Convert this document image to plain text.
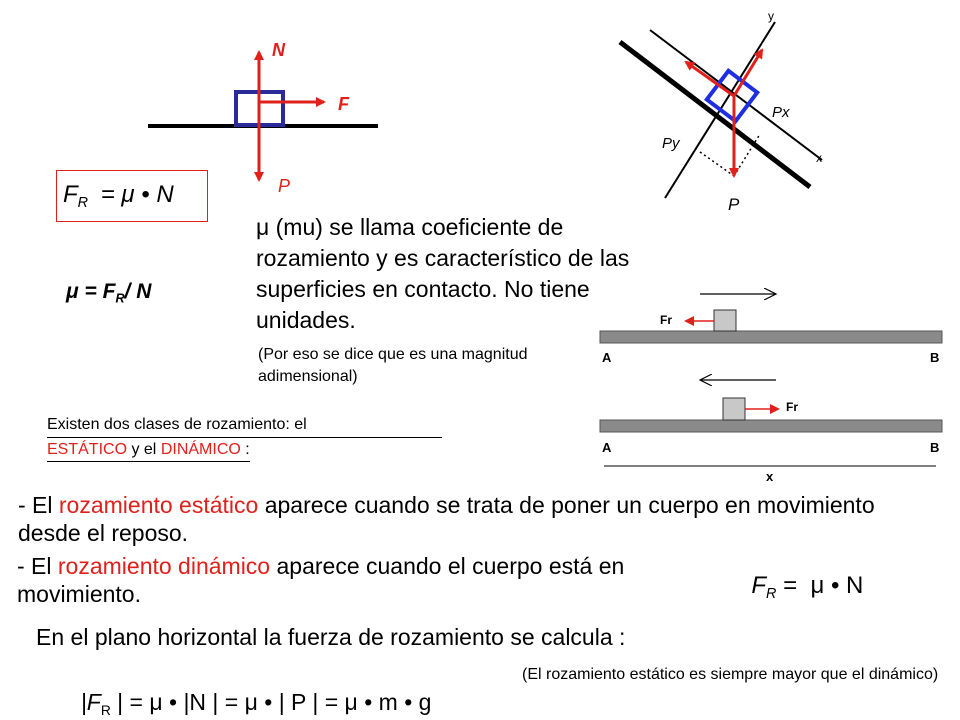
N
F
P
y
x
Px
Py
P
$F_R = \mu$ • N
$\mu = F_R/$ N
μ (mu) se llama coeficiente de rozamiento y es característico de las superficies en contacto. No tiene unidades.
(Por eso se dice que es una magnitud adimensional)
Fr
A	B
Fr
A	B
x
Existen dos clases de rozamiento: el
ESTÁTICO y el DINÁMICO :
- El rozamiento estático aparece cuando se trata de poner un cuerpo en movimiento  desde el reposo.
- El rozamiento dinámico aparece cuando el cuerpo está en movimiento.	$F_R = \mu$ • N

En el plano horizontal la fuerza de rozamiento se calcula :

$|F_R$ | = μ • |N | = μ • | P | = μ • m • g

(El rozamiento estático es siempre mayor que el dinámico)
